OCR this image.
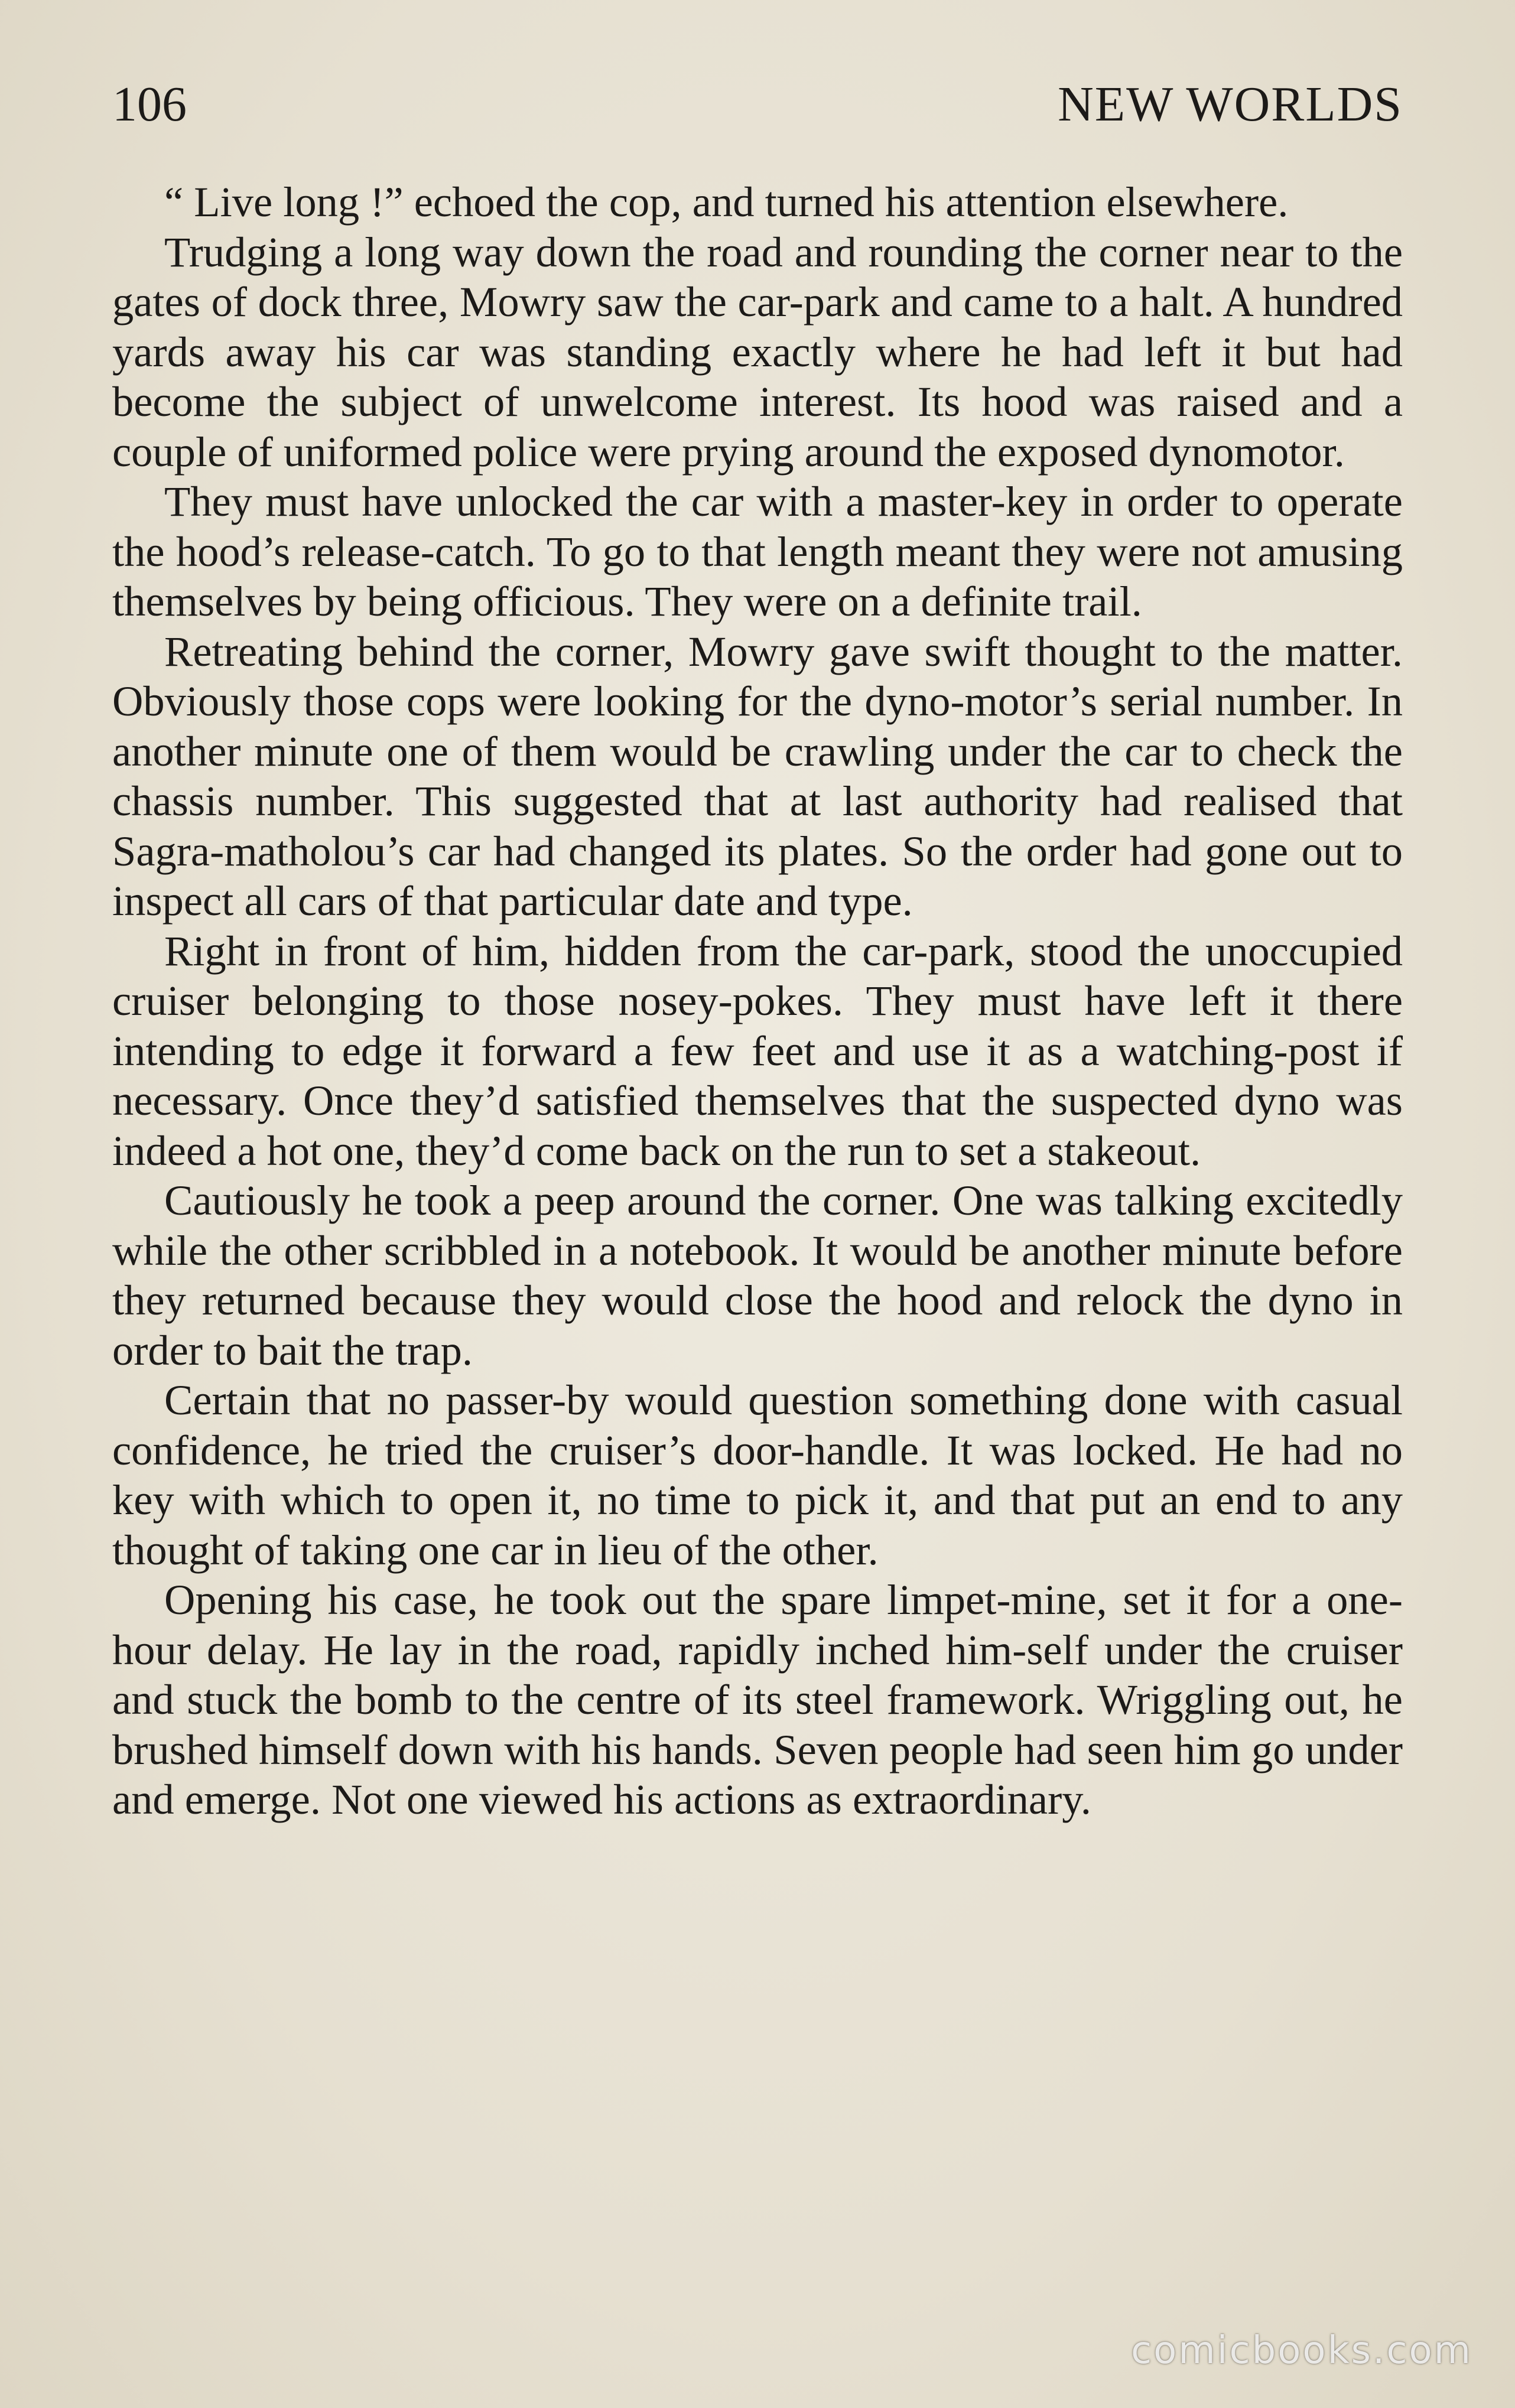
106	NEW WORLDS

“ Live long !” echoed the cop, and turned his attention elsewhere.

Trudging a long way down the road and rounding the corner near to the gates of dock three, Mowry saw the car-park and came to a halt. A hundred yards away his car was standing exactly where he had left it but had become the subject of unwelcome interest. Its hood was raised and a couple of uniformed police were prying around the exposed dynomotor.

They must have unlocked the car with a master-key in order to operate the hood’s release-catch. To go to that length meant they were not amusing themselves by being officious. They were on a definite trail.

Retreating behind the corner, Mowry gave swift thought to the matter. Obviously those cops were looking for the dyno-motor’s serial number. In another minute one of them would be crawling under the car to check the chassis number. This suggested that at last authority had realised that Sagra-matholou’s car had changed its plates. So the order had gone out to inspect all cars of that particular date and type.

Right in front of him, hidden from the car-park, stood the unoccupied cruiser belonging to those nosey-pokes. They must have left it there intending to edge it forward a few feet and use it as a watching-post if necessary. Once they’d satisfied themselves that the suspected dyno was indeed a hot one, they’d come back on the run to set a stakeout.

Cautiously he took a peep around the corner. One was talking excitedly while the other scribbled in a notebook. It would be another minute before they returned because they would close the hood and relock the dyno in order to bait the trap.

Certain that no passer-by would question something done with casual confidence, he tried the cruiser’s door-handle. It was locked. He had no key with which to open it, no time to pick it, and that put an end to any thought of taking one car in lieu of the other.

Opening his case, he took out the spare limpet-mine, set it for a one-hour delay. He lay in the road, rapidly inched him-self under the cruiser and stuck the bomb to the centre of its steel framework. Wriggling out, he brushed himself down with his hands. Seven people had seen him go under and emerge. Not one viewed his actions as extraordinary.

comicbooks.com
